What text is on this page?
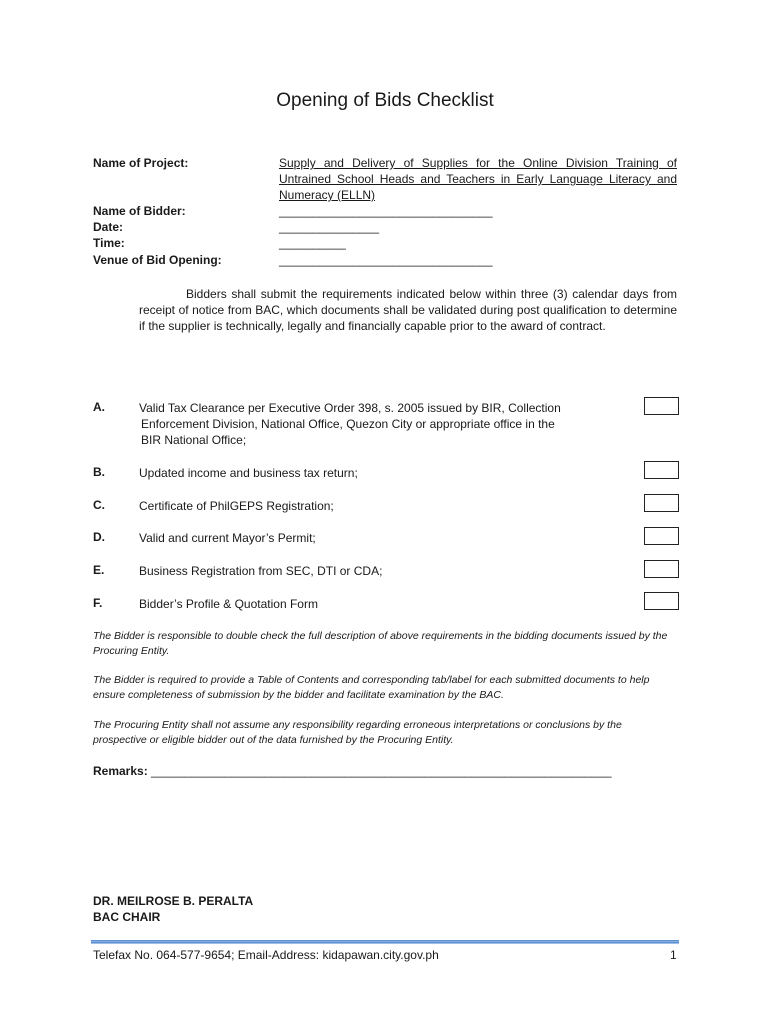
Opening of Bids Checklist
Name of Project:	Supply and Delivery of Supplies for the Online Division Training of Untrained School Heads and Teachers in Early Language Literacy and Numeracy (ELLN)
Name of Bidder:	________________________________
Date:	_______________
Time:	__________
Venue of Bid Opening:	________________________________
Bidders shall submit the requirements indicated below within three (3) calendar days from receipt of notice from BAC, which documents shall be validated during post qualification to determine if the supplier is technically, legally and financially capable prior to the award of contract.
A.	Valid Tax Clearance per Executive Order 398, s. 2005 issued by BIR, Collection
Enforcement Division, National Office, Quezon City or appropriate office in the
BIR National Office;
B.	Updated income and business tax return;
C.	Certificate of PhilGEPS Registration;
D.	Valid and current Mayor’s Permit;
E.	Business Registration from SEC, DTI or CDA;
F.	Bidder’s Profile & Quotation Form
The Bidder is responsible to double check the full description of above requirements in the bidding documents issued by the Procuring Entity.
The Bidder is required to provide a Table of Contents and corresponding tab/label for each submitted documents to help ensure completeness of submission by the bidder and facilitate examination by the BAC.
The Procuring Entity shall not assume any responsibility regarding erroneous interpretations or conclusions by the prospective or eligible bidder out of the data furnished by the Procuring Entity.
Remarks: _____________________________________________________________________
DR. MEILROSE B. PERALTA
BAC CHAIR
Telefax No. 064-577-9654; Email-Address: kidapawan.city.gov.ph	1
